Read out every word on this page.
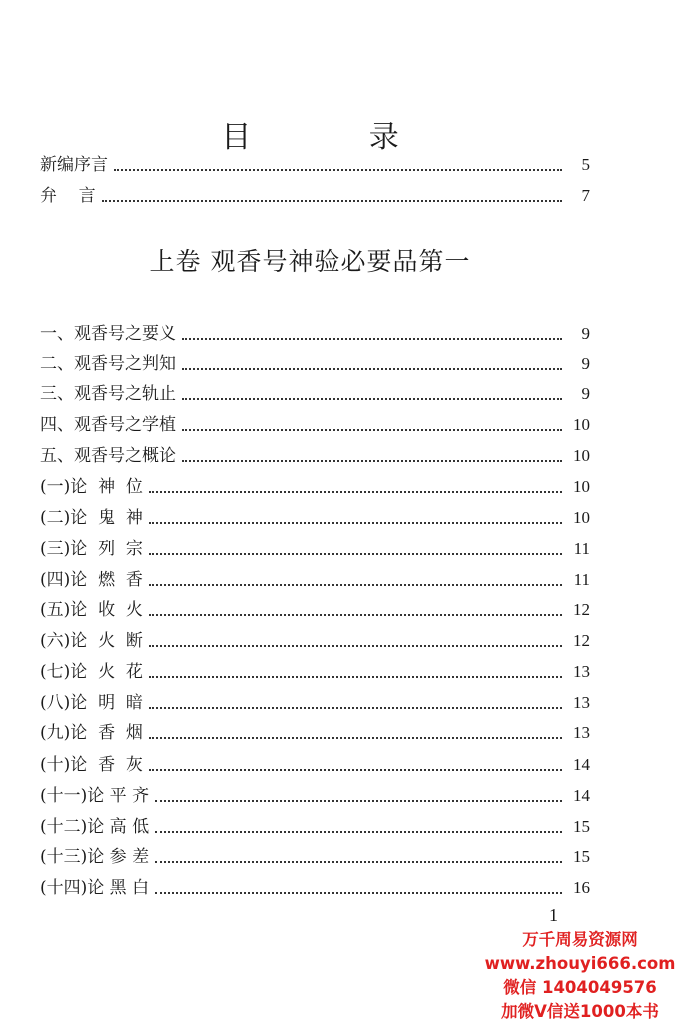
目 录
新编序言	5
弁    言	7
上卷 观香号神验必要品第一
一、观香号之要义	9
二、观香号之判知	9
三、观香号之轨止	9
四、观香号之学植	10
五、观香号之概论	10
(一)论  神  位	10
(二)论  鬼  神	10
(三)论  列  宗	11
(四)论  燃  香	11
(五)论  收  火	12
(六)论  火  断	12
(七)论  火  花	13
(八)论  明  暗	13
(九)论  香  烟	13
(十)论  香  灰	14
(十一)论 平 齐	14
(十二)论 高 低	15
(十三)论 参 差	15
(十四)论 黑 白	16
1
万千周易资源网
www.zhouyi666.com
微信 1404049576
加微V信送1000本书
